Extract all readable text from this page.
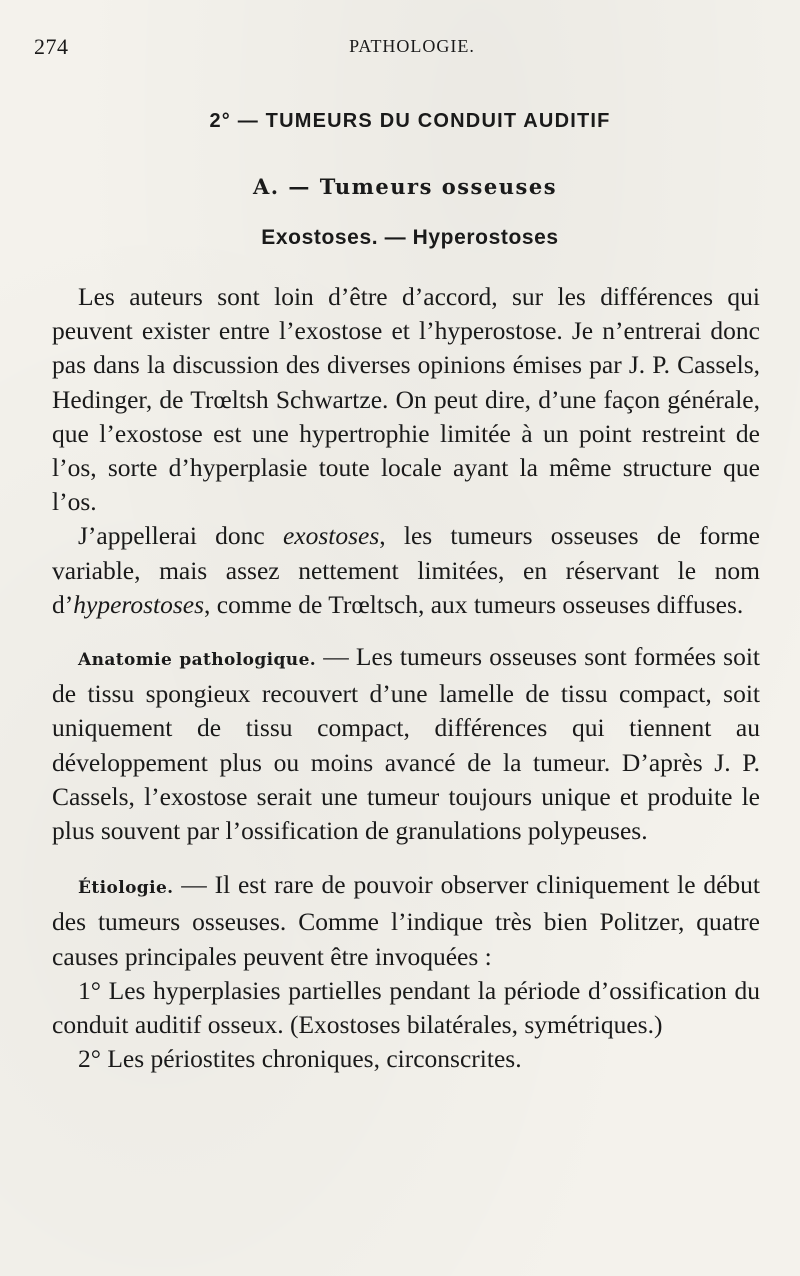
274	PATHOLOGIE.
2° — TUMEURS DU CONDUIT AUDITIF
A. — Tumeurs osseuses
Exostoses. — Hyperostoses

Les auteurs sont loin d’être d’accord, sur les différences qui peuvent exister entre l’exostose et l’hyperostose. Je n’entrerai donc pas dans la discussion des diverses opinions émises par J. P. Cassels, Hedinger, de Trœltsh Schwartze. On peut dire, d’une façon générale, que l’exostose est une hypertrophie limitée à un point restreint de l’os, sorte d’hyperplasie toute locale ayant la même structure que l’os.

J’appellerai donc exostoses, les tumeurs osseuses de forme variable, mais assez nettement limitées, en réservant le nom d’hyperostoses, comme de Trœltsch, aux tumeurs osseuses diffuses.

Anatomie pathologique. — Les tumeurs osseuses sont formées soit de tissu spongieux recouvert d’une lamelle de tissu compact, soit uniquement de tissu compact, différences qui tiennent au développement plus ou moins avancé de la tumeur. D’après J. P. Cassels, l’exostose serait une tumeur toujours unique et produite le plus souvent par l’ossification de granulations polypeuses.

Étiologie. — Il est rare de pouvoir observer cliniquement le début des tumeurs osseuses. Comme l’indique très bien Politzer, quatre causes principales peuvent être invoquées :

1° Les hyperplasies partielles pendant la période d’ossification du conduit auditif osseux. (Exostoses bilatérales, symétriques.)

2° Les périostites chroniques, circonscrites.
